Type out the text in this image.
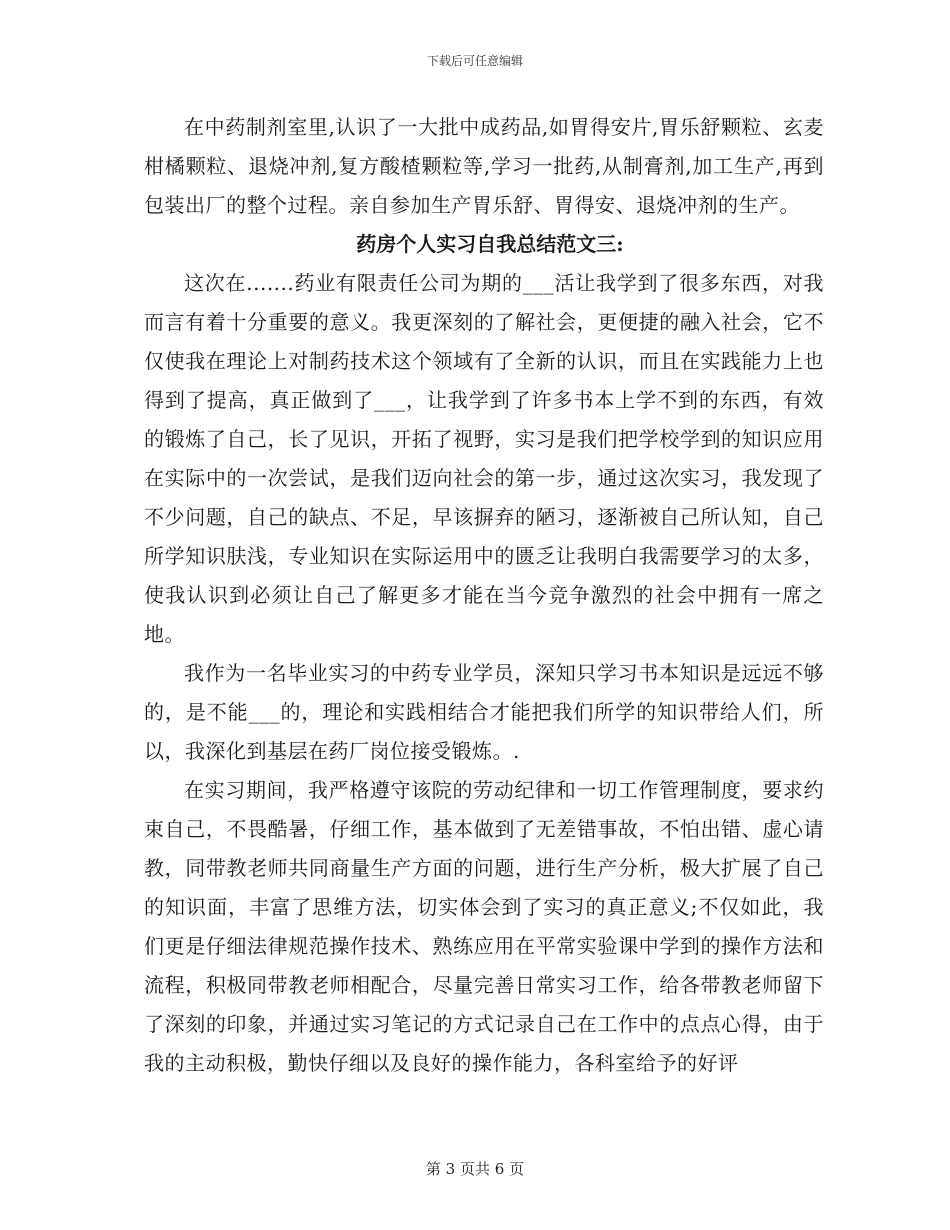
下载后可任意编辑

在中药制剂室里,认识了一大批中成药品,如胃得安片,胃乐舒颗粒、玄麦柑橘颗粒、退烧冲剂,复方酸楂颗粒等,学习一批药,从制膏剂,加工生产,再到包装出厂的整个过程。亲自参加生产胃乐舒、胃得安、退烧冲剂的生产。

药房个人实习自我总结范文三:

这次在.......药业有限责任公司为期的___活让我学到了很多东西，对我而言有着十分重要的意义。我更深刻的了解社会，更便捷的融入社会，它不仅使我在理论上对制药技术这个领域有了全新的认识，而且在实践能力上也得到了提高，真正做到了___，让我学到了许多书本上学不到的东西，有效的锻炼了自己，长了见识，开拓了视野，实习是我们把学校学到的知识应用在实际中的一次尝试，是我们迈向社会的第一步，通过这次实习，我发现了不少问题，自己的缺点、不足，早该摒弃的陋习，逐渐被自己所认知，自己所学知识肤浅，专业知识在实际运用中的匮乏让我明白我需要学习的太多，使我认识到必须让自己了解更多才能在当今竞争激烈的社会中拥有一席之地。

我作为一名毕业实习的中药专业学员，深知只学习书本知识是远远不够的，是不能___的，理论和实践相结合才能把我们所学的知识带给人们，所以，我深化到基层在药厂岗位接受锻炼。.

在实习期间，我严格遵守该院的劳动纪律和一切工作管理制度，要求约束自己，不畏酷暑，仔细工作，基本做到了无差错事故，不怕出错、虚心请教，同带教老师共同商量生产方面的问题，进行生产分析，极大扩展了自己的知识面，丰富了思维方法，切实体会到了实习的真正意义;不仅如此，我们更是仔细法律规范操作技术、熟练应用在平常实验课中学到的操作方法和流程，积极同带教老师相配合，尽量完善日常实习工作，给各带教老师留下了深刻的印象，并通过实习笔记的方式记录自己在工作中的点点心得，由于我的主动积极，勤快仔细以及良好的操作能力，各科室给予的好评

第 3 页共 6 页
